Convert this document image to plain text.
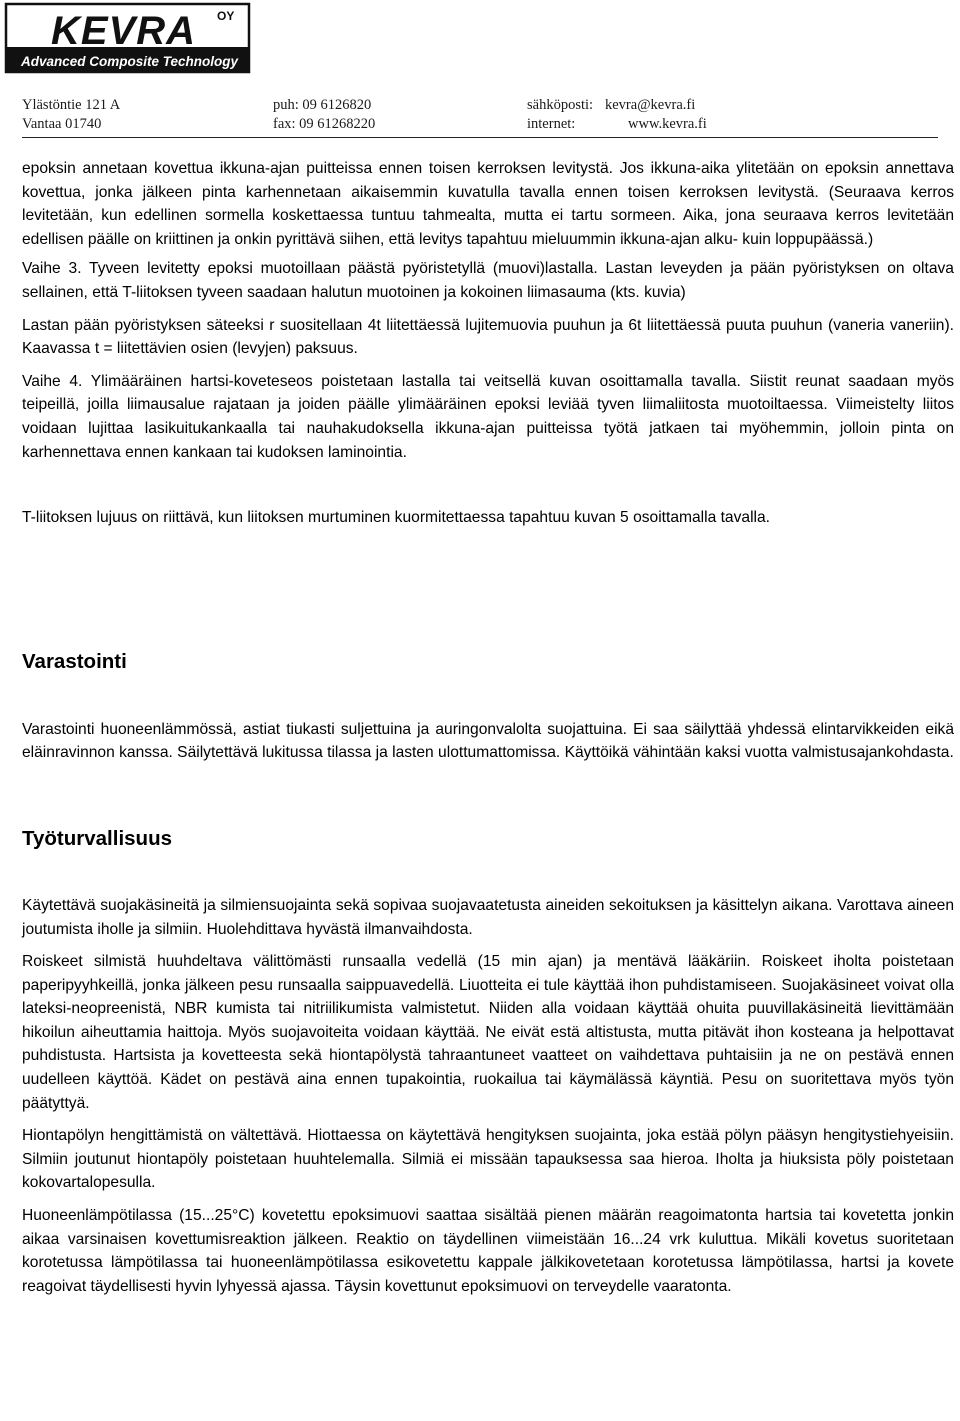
KEVRA OY
Advanced Composite Technology
Ylästöntie 121 A	puh: 09 6126820	sähköposti: kevra@kevra.fi
Vantaa 01740	fax: 09 61268220	internet:	www.kevra.fi

epoksin annetaan kovettua ikkuna-ajan puitteissa ennen toisen kerroksen levitystä. Jos ikkuna-aika ylitetään on epoksin annettava kovettua, jonka jälkeen pinta karhennetaan aikaisemmin kuvatulla tavalla ennen toisen kerroksen levitystä. (Seuraava kerros levitetään, kun edellinen sormella koskettaessa tuntuu tahmealta, mutta ei tartu sormeen. Aika, jona seuraava kerros levitetään edellisen päälle on kriittinen ja onkin pyrittävä siihen, että levitys tapahtuu mieluummin ikkuna-ajan alku- kuin loppupäässä.)

Vaihe 3. Tyveen levitetty epoksi muotoillaan päästä pyöristetyllä (muovi)lastalla. Lastan leveyden ja pään pyöristyksen on oltava sellainen, että T-liitoksen tyveen saadaan halutun muotoinen ja kokoinen liimasauma (kts. kuvia)

Lastan pään pyöristyksen säteeksi r suositellaan 4t liitettäessä lujitemuovia puuhun ja 6t liitettäessä puuta puuhun (vaneria vaneriin). Kaavassa t = liitettävien osien (levyjen) paksuus.

Vaihe 4. Ylimääräinen hartsi-koveteseos poistetaan lastalla tai veitsellä kuvan osoittamalla tavalla. Siistit reunat saadaan myös teipeillä, joilla liimausalue rajataan ja joiden päälle ylimääräinen epoksi leviää tyven liimaliitosta muotoiltaessa. Viimeistelty liitos voidaan lujittaa lasikuitukankaalla tai nauhakudoksella ikkuna-ajan puitteissa työtä jatkaen tai myöhemmin, jolloin pinta on karhennettava ennen kankaan tai kudoksen laminointia.

T-liitoksen lujuus on riittävä, kun liitoksen murtuminen kuormitettaessa tapahtuu kuvan 5 osoittamalla tavalla.

Varastointi

Varastointi huoneenlämmössä, astiat tiukasti suljettuina ja auringonvalolta suojattuina. Ei saa säilyttää yhdessä elintarvikkeiden eikä eläinravinnon kanssa. Säilytettävä lukitussa tilassa ja lasten ulottumattomissa. Käyttöikä vähintään kaksi vuotta valmistusajankohdasta.

Työturvallisuus

Käytettävä suojakäsineitä ja silmiensuojainta sekä sopivaa suojavaatetusta aineiden sekoituksen ja käsittelyn aikana. Varottava aineen joutumista iholle ja silmiin. Huolehdittava hyvästä ilmanvaihdosta.

Roiskeet silmistä huuhdeltava välittömästi runsaalla vedellä (15 min ajan) ja mentävä lääkäriin. Roiskeet iholta poistetaan paperipyyhkeillä, jonka jälkeen pesu runsaalla saippuavedellä. Liuotteita ei tule käyttää ihon puhdistamiseen. Suojakäsineet voivat olla lateksi-neopreenistä, NBR kumista tai nitriilikumista valmistetut. Niiden alla voidaan käyttää ohuita puuvillakäsineitä lievittämään hikoilun aiheuttamia haittoja. Myös suojavoiteita voidaan käyttää. Ne eivät estä altistusta, mutta pitävät ihon kosteana ja helpottavat puhdistusta. Hartsista ja kovetteesta sekä hiontapölystä tahraantuneet vaatteet on vaihdettava puhtaisiin ja ne on pestävä ennen uudelleen käyttöä. Kädet on pestävä aina ennen tupakointia, ruokailua tai käymälässä käyntiä. Pesu on suoritettava myös työn päätyttyä.

Hiontapölyn hengittämistä on vältettävä. Hiottaessa on käytettävä hengityksen suojainta, joka estää pölyn pääsyn hengitystiehyeisiin. Silmiin joutunut hiontapöly poistetaan huuhtelemalla. Silmiä ei missään tapauksessa saa hieroa. Iholta ja hiuksista pöly poistetaan kokovartalopesulla.

Huoneenlämpötilassa (15...25°C) kovetettu epoksimuovi saattaa sisältää pienen määrän reagoimatonta hartsia tai kovetetta jonkin aikaa varsinaisen kovettumisreaktion jälkeen. Reaktio on täydellinen viimeistään 16...24 vrk kuluttua. Mikäli kovetus suoritetaan korotetussa lämpötilassa tai huoneenlämpötilassa esikovetettu kappale jälkikovetetaan korotetussa lämpötilassa, hartsi ja kovete reagoivat täydellisesti hyvin lyhyessä ajassa. Täysin kovettunut epoksimuovi on terveydelle vaaratonta.
